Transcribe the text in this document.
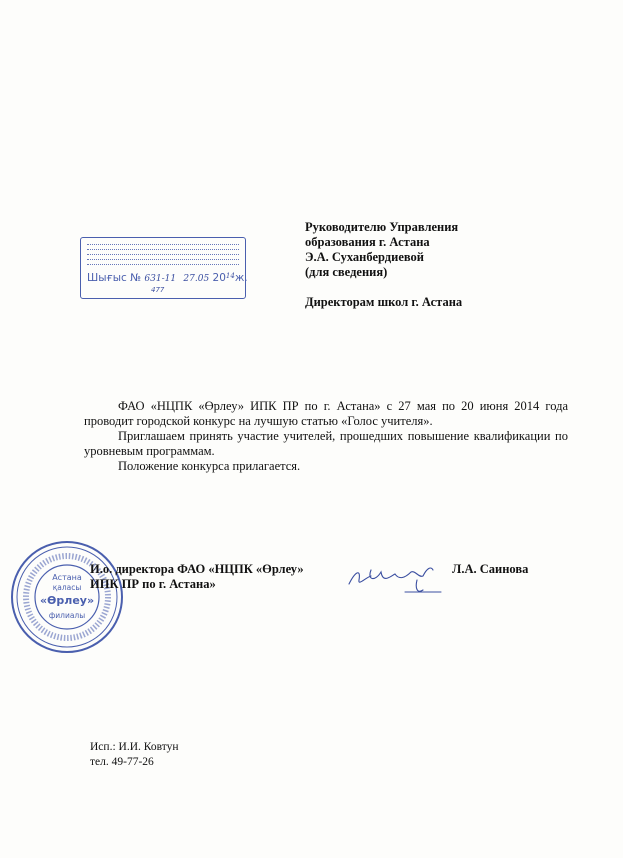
Руководителю Управления
образования г. Астана
Э.А. Суханбердиевой
(для сведения)
Директорам школ г. Астана
Шығыс № 631-11 27.05 $20^{14}ж$.
477

ФАО «НЦПК «Өрлеу» ИПК ПР по г. Астана» с 27 мая по 20 июня 2014 года проводит городской конкурс на лучшую статью «Голос учителя».

Приглашаем принять участие учителей, прошедших повышение квалификации по уровневым программам.

Положение конкурса прилагается.

Астана
қаласы
«Өрлеу»
филиалы
И.о. директора ФАО «НЦПК «Өрлеу»
ИПК ПР по г. Астана»
Л.А. Саинова
Исп.: И.И. Ковтун
тел. 49-77-26
